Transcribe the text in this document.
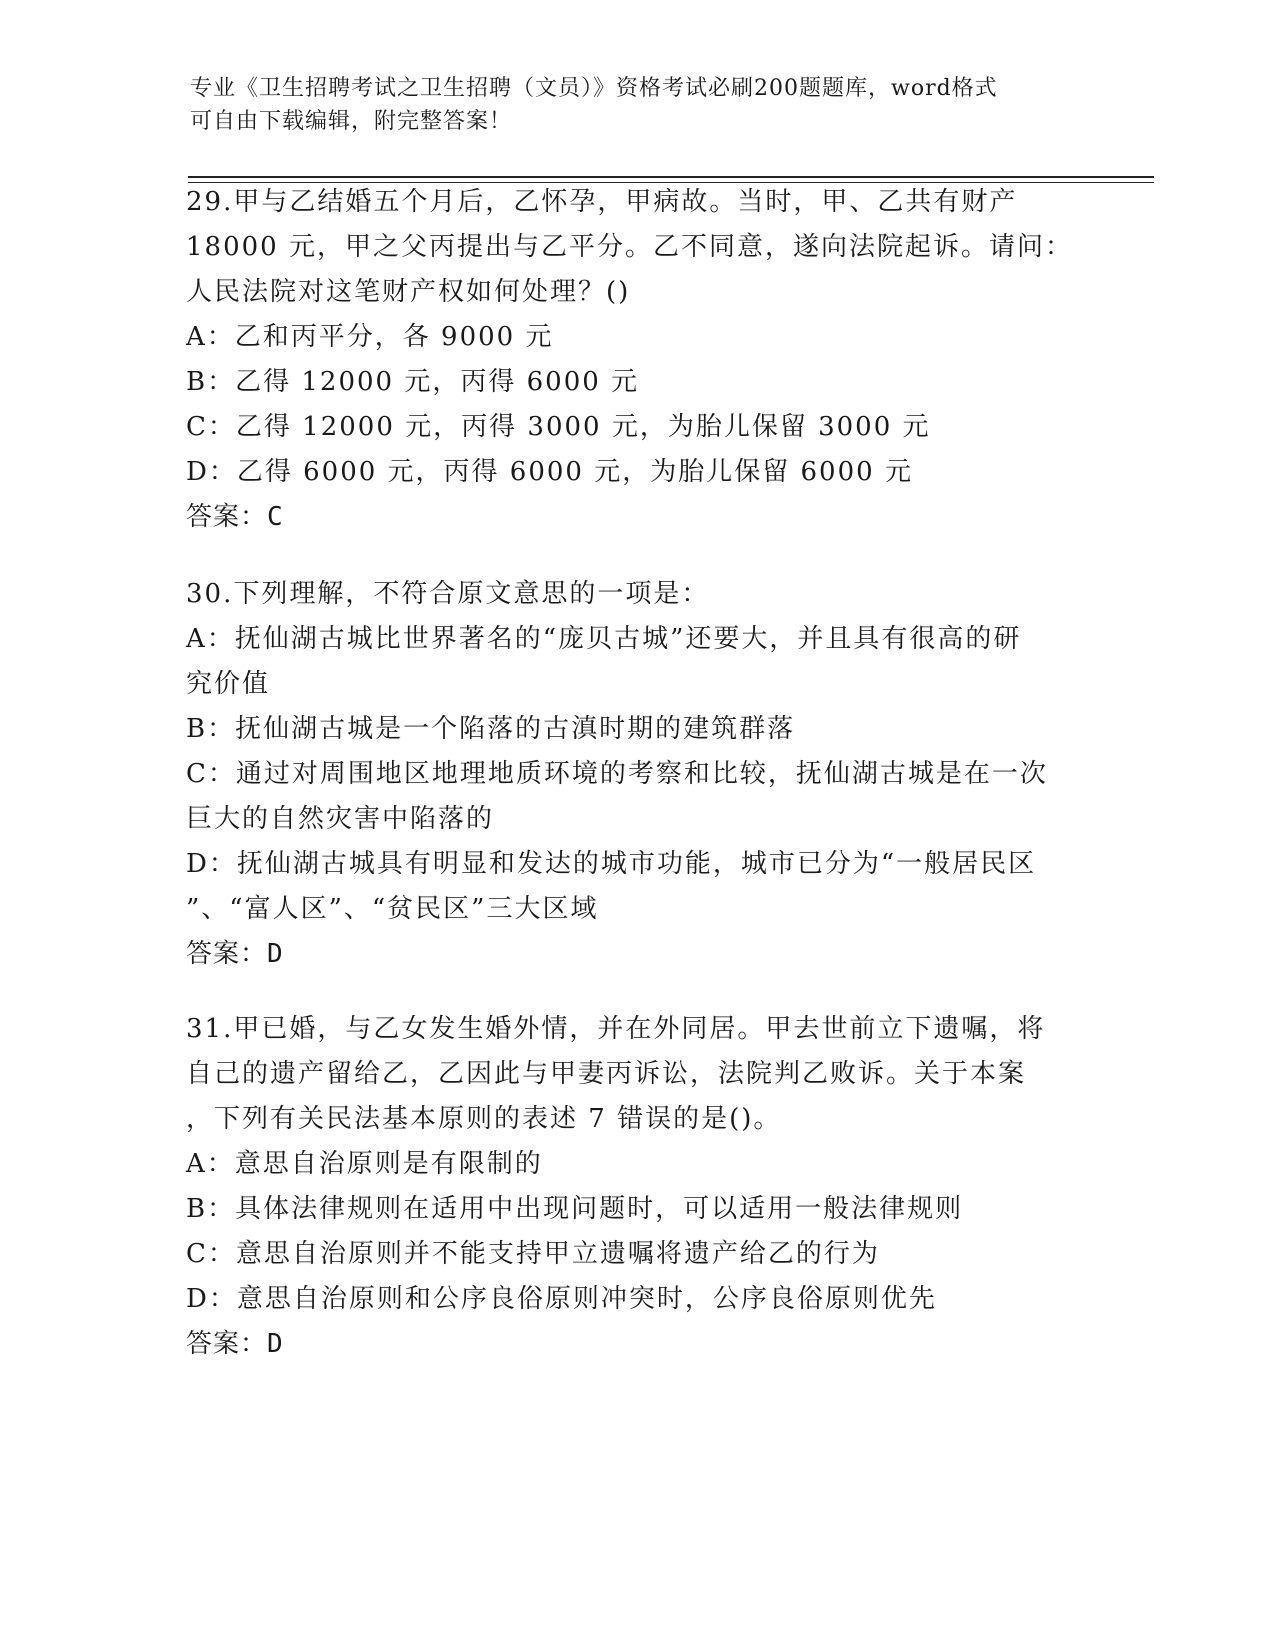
专业《卫生招聘考试之卫生招聘（文员）》资格考试必刷200题题库，word格式
可自由下载编辑，附完整答案！
29.甲与乙结婚五个月后，乙怀孕，甲病故。当时，甲、乙共有财产
18000 元，甲之父丙提出与乙平分。乙不同意，遂向法院起诉。请问：
人民法院对这笔财产权如何处理？()
A：乙和丙平分，各 9000 元
B：乙得 12000 元，丙得 6000 元
C：乙得 12000 元，丙得 3000 元，为胎儿保留 3000 元
D：乙得 6000 元，丙得 6000 元，为胎儿保留 6000 元
答案：C
30.下列理解，不符合原文意思的一项是：
A：抚仙湖古城比世界著名的“庞贝古城”还要大，并且具有很高的研
究价值
B：抚仙湖古城是一个陷落的古滇时期的建筑群落
C：通过对周围地区地理地质环境的考察和比较，抚仙湖古城是在一次
巨大的自然灾害中陷落的
D：抚仙湖古城具有明显和发达的城市功能，城市已分为“一般居民区
”、“富人区”、“贫民区”三大区域
答案：D
31.甲已婚，与乙女发生婚外情，并在外同居。甲去世前立下遗嘱，将
自己的遗产留给乙，乙因此与甲妻丙诉讼，法院判乙败诉。关于本案
，下列有关民法基本原则的表述 7 错误的是()。
A：意思自治原则是有限制的
B：具体法律规则在适用中出现问题时，可以适用一般法律规则
C：意思自治原则并不能支持甲立遗嘱将遗产给乙的行为
D：意思自治原则和公序良俗原则冲突时，公序良俗原则优先
答案：D
